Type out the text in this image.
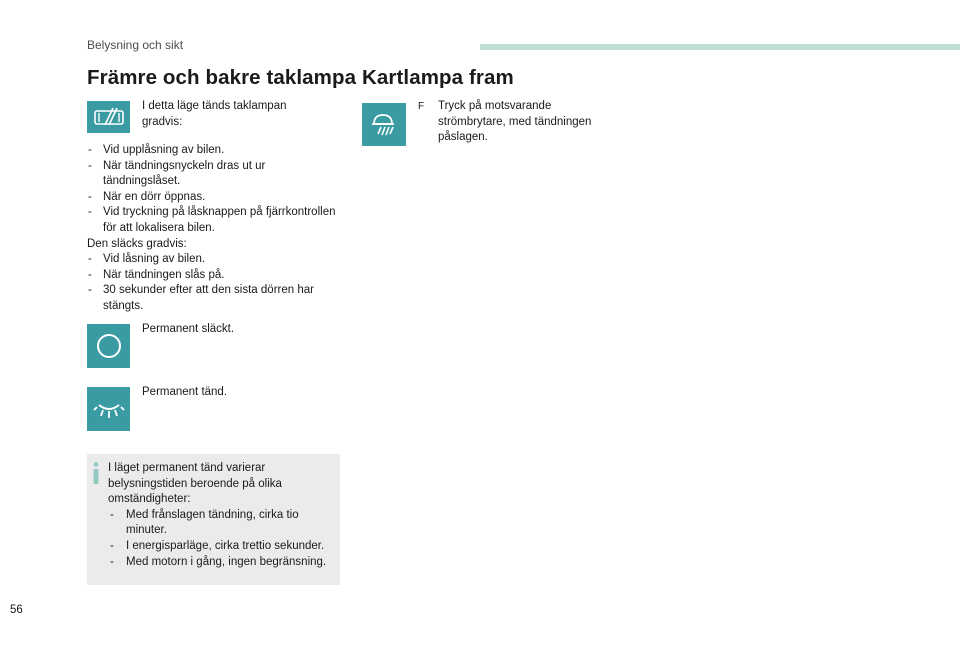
Belysning och sikt
Främre och bakre taklampa
I detta läge tänds taklampan gradvis:
- Vid upplåsning av bilen.
- När tändningsnyckeln dras ut ur tändningslåset.
- När en dörr öppnas.
- Vid tryckning på låsknappen på fjärrkontrollen för att lokalisera bilen.
Den släcks gradvis:
- Vid låsning av bilen.
- När tändningen slås på.
- 30 sekunder efter att den sista dörren har stängts.
Permanent släckt.
Permanent tänd.
I läget permanent tänd varierar belysningstiden beroende på olika omständigheter:
- Med frånslagen tändning, cirka tio minuter.
- I energisparläge, cirka trettio sekunder.
- Med motorn i gång, ingen begränsning.
Kartlampa fram
F	Tryck på motsvarande strömbrytare, med tändningen påslagen.
56
